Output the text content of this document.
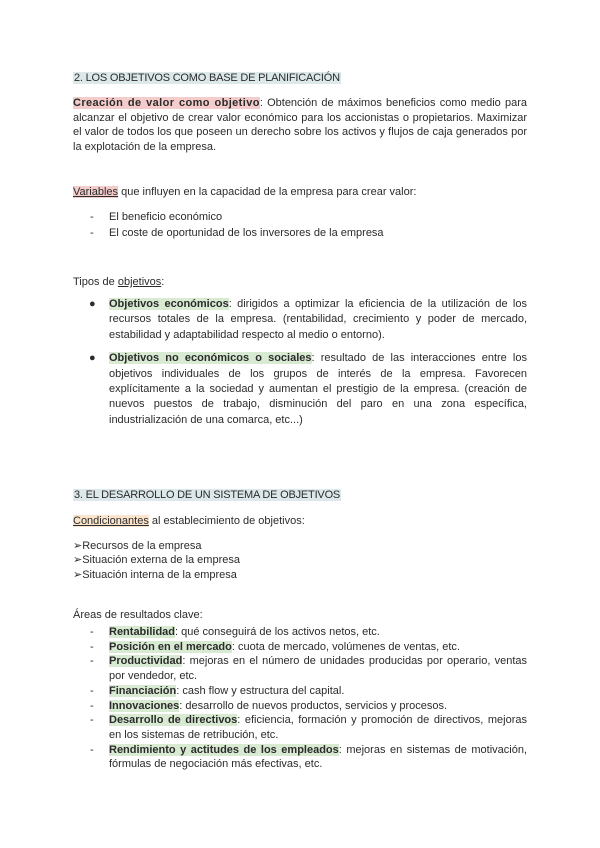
2. LOS OBJETIVOS COMO BASE DE PLANIFICACIÓN
Creación de valor como objetivo: Obtención de máximos beneficios como medio para alcanzar el objetivo de crear valor económico para los accionistas o propietarios. Maximizar el valor de todos los que poseen un derecho sobre los activos y flujos de caja generados por la explotación de la empresa.
Variables que influyen en la capacidad de la empresa para crear valor:
- El beneficio económico
- El coste de oportunidad de los inversores de la empresa
Tipos de objetivos:
● Objetivos económicos: dirigidos a optimizar la eficiencia de la utilización de los recursos totales de la empresa. (rentabilidad, crecimiento y poder de mercado, estabilidad y adaptabilidad respecto al medio o entorno).
● Objetivos no económicos o sociales: resultado de las interacciones entre los objetivos individuales de los grupos de interés de la empresa. Favorecen explícitamente a la sociedad y aumentan el prestigio de la empresa. (creación de nuevos puestos de trabajo, disminución del paro en una zona específica, industrialización de una comarca, etc...)
3. EL DESARROLLO DE UN SISTEMA DE OBJETIVOS
Condicionantes al establecimiento de objetivos:
➢Recursos de la empresa
➢Situación externa de la empresa
➢Situación interna de la empresa
Áreas de resultados clave:
- Rentabilidad: qué conseguirá de los activos netos, etc.
- Posición en el mercado: cuota de mercado, volúmenes de ventas, etc.
- Productividad: mejoras en el número de unidades producidas por operario, ventas por vendedor, etc.
- Financiación: cash flow y estructura del capital.
- Innovaciones: desarrollo de nuevos productos, servicios y procesos.
- Desarrollo de directivos: eficiencia, formación y promoción de directivos, mejoras en los sistemas de retribución, etc.
- Rendimiento y actitudes de los empleados: mejoras en sistemas de motivación, fórmulas de negociación más efectivas, etc.
